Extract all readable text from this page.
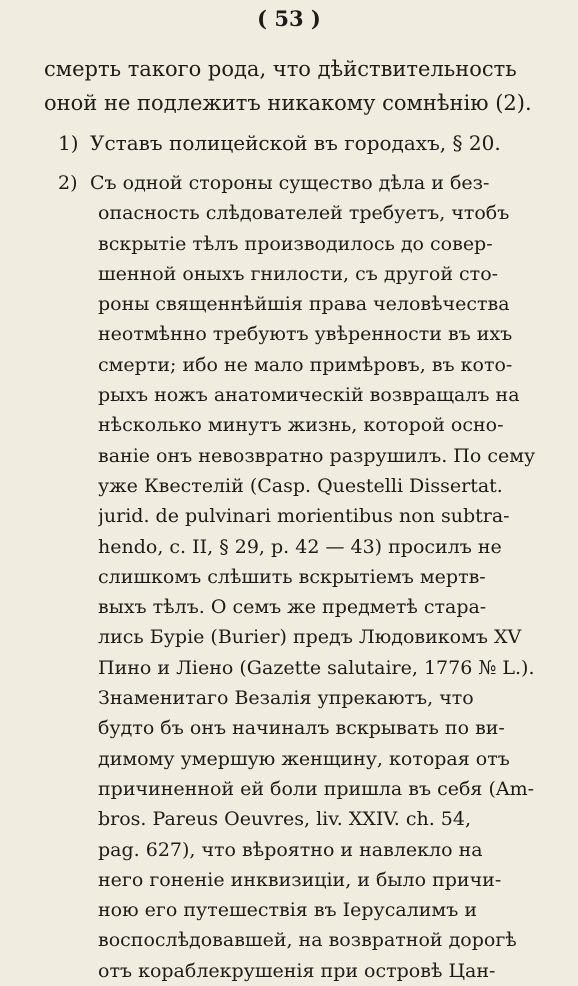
( 53 )
смерть такого рода, что дѣйствительность
оной не подлежитъ никакому сомнѣнію (2).
1) Уставъ полицейской въ городахъ, § 20.
2) Съ одной стороны существо дѣла и без-
опасность слѣдователей требуетъ, чтобъ
вскрытіе тѣлъ производилось до совер-
шенной оныхъ гнилости, съ другой сто-
роны священнѣйшія права человѣчества
неотмѣнно требуютъ увѣренности въ ихъ
смерти; ибо не мало примѣровъ, въ кото-
рыхъ ножъ анатомическій возвращалъ на
нѣсколько минутъ жизнь, которой осно-
ваніе онъ невозвратно разрушилъ. По сему
уже Квестелій (Casp. Questelli Dissertat.
jurid. de pulvinari morientibus non subtra-
hendo, c. II, § 29, p. 42 — 43) просилъ не
слишкомъ слѣшить вскрытіемъ мертв-
выхъ тѣлъ. О семъ же предметѣ стара-
лись Буріе (Burier) предъ Людовикомъ XV
Пино и Ліено (Gazette salutaire, 1776 № L.).
Знаменитаго Везалія упрекаютъ, что
будто бъ онъ начиналъ вскрывать по ви-
димому умершую женщину, которая отъ
причиненной ей боли пришла въ себя (Am-
bros. Pareus Oeuvres, liv. XXIV. ch. 54,
pag. 627), что вѣроятно и навлекло на
него гоненіе инквизиціи, и было причи-
ною его путешествія въ Іерусалимъ и
воспослѣдовавшей, на возвратной дорогѣ
отъ кораблекрушенія при островѣ Цан-
